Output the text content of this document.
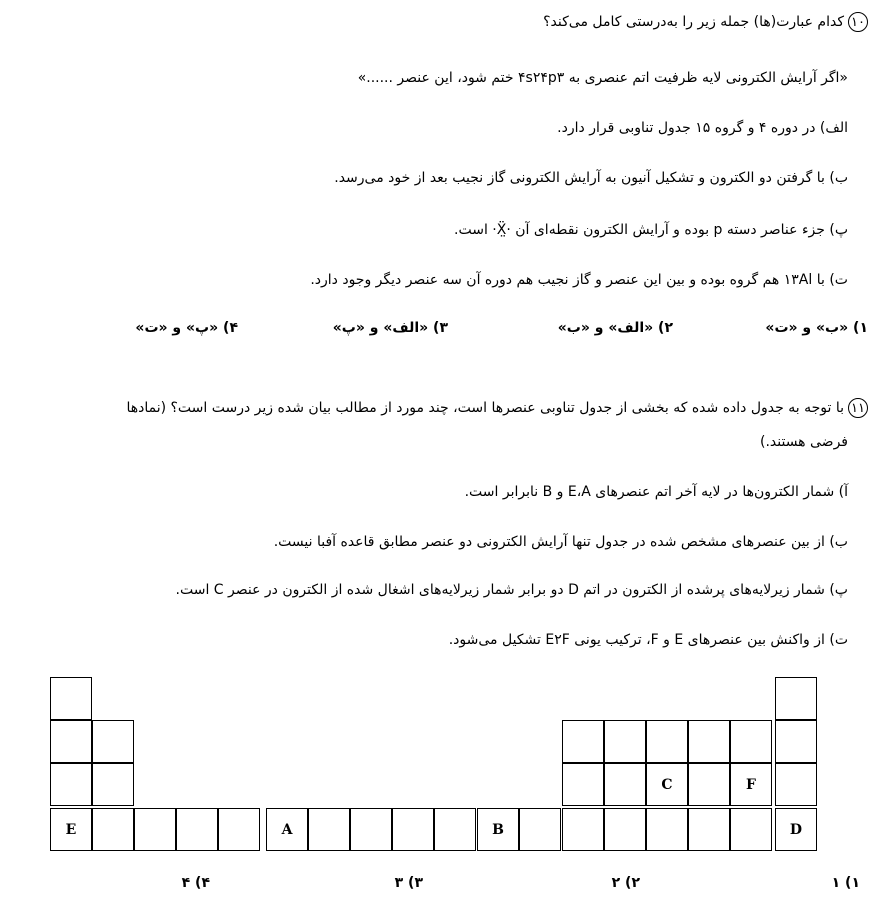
۱۰کدام عبارت(ها) جمله زیر را به‌درستی کامل می‌کند؟
«اگر آرایش الکترونی لایه ظرفیت اتم عنصری به ۴s۲۴p۳ ختم شود، این عنصر ......»
الف) در دوره ۴ و گروه ۱۵ جدول تناوبی قرار دارد.
ب) با گرفتن دو الکترون و تشکیل آنیون به آرایش الکترونی گاز نجیب بعد از خود می‌رسد.
پ) جزء عناصر دسته p بوده و آرایش الکترون نقطه‌ای آن ·Ẍ̤· است.
ت) با ۱۳Al هم گروه بوده و بین این عنصر و گاز نجیب هم دوره آن سه عنصر دیگر وجود دارد.
۱) «ب» و «ت»
۲) «الف» و «ب»
۳) «الف» و «پ»
۴) «پ» و «ت»
۱۱با توجه به جدول داده شده که بخشی از جدول تناوبی عنصرها است، چند مورد از مطالب بیان شده زیر درست است؟ (نمادها
فرضی هستند.)
آ) شمار الکترون‌ها در لایه آخر اتم عنصرهای E،A و B نابرابر است.
ب) از بین عنصرهای مشخص شده در جدول تنها آرایش الکترونی دو عنصر مطابق قاعده آفبا نیست.
پ) شمار زیرلایه‌های پرشده از الکترون در اتم D دو برابر شمار زیرلایه‌های اشغال شده از الکترون در عنصر C است.
ت) از واکنش بین عنصرهای E و F، ترکیب یونی E۲F تشکیل می‌شود.
C	F
E	A	B	D
۱) ۱
۲) ۲
۳) ۳
۴) ۴
